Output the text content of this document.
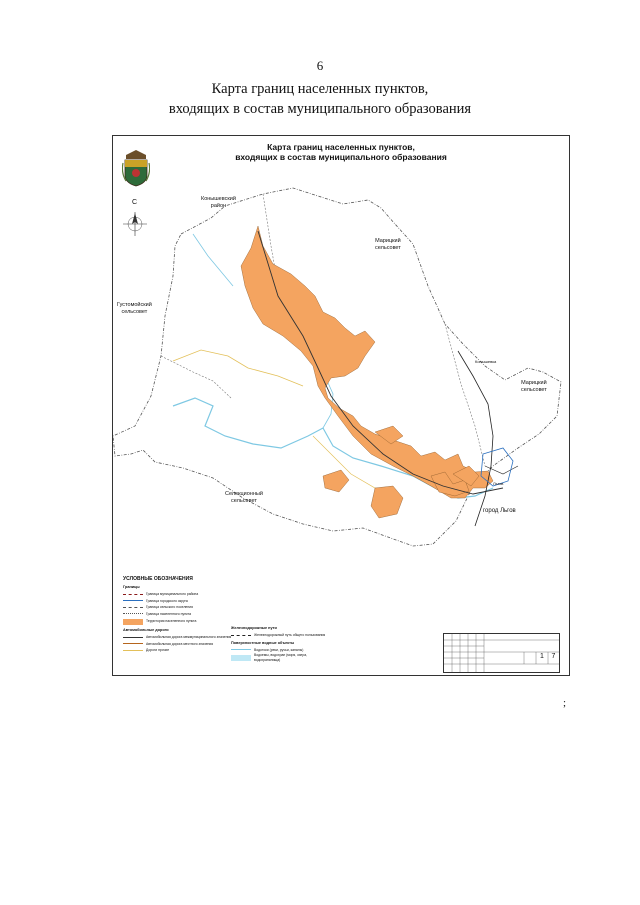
6
Карта границ населенных пунктов,
входящих в состав муниципального образования
Карта границ населенных пунктов,
входящих в состав муниципального образования
С	Конышевский
район
Марицкий
сельсовет
Густомойский
сельсовет
Марицкий
сельсовет
Селекционный
сельсовет
город Льгов
Конышевка
Льгов
УСЛОВНЫЕ ОБОЗНАЧЕНИЯ
Границы
Граница муниципального района
Граница городского округа
Граница сельского поселения
Граница населенного пункта
Территория населенного пункта
Автомобильные дороги
Автомобильная дорога межмуниципального значения
Автомобильная дорога местного значения
Дороги прочие
Железнодорожные пути
Железнодорожный путь общего пользования
Поверхностные водные объекты
Водотоки (реки, ручьи, каналы)
Водоемы, водохран (моря, озера, водохранилища)	1	7
;
